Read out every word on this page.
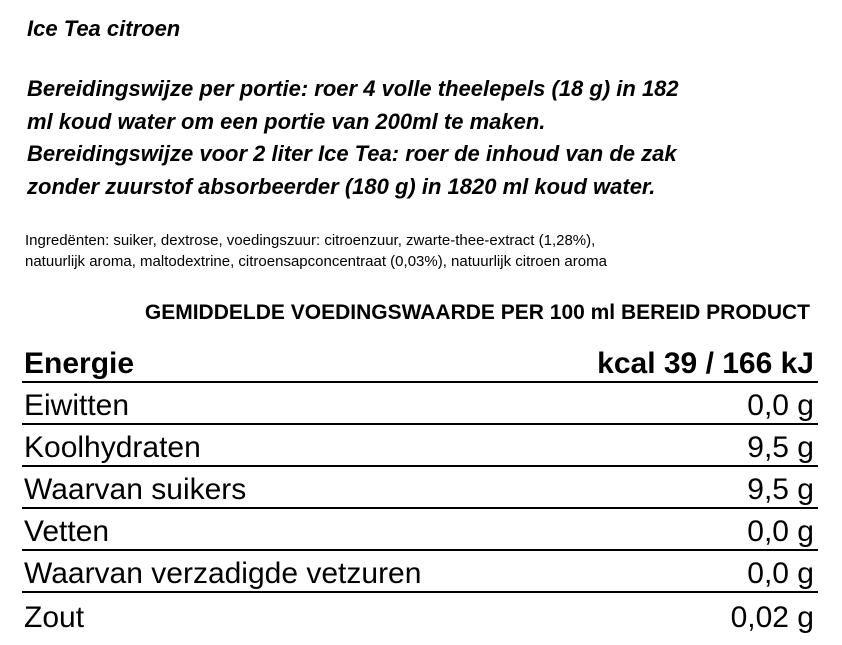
Ice Tea citroen
Bereidingswijze per portie: roer 4 volle theelepels (18 g) in 182
ml koud water om een portie van 200ml te maken.
Bereidingswijze voor 2 liter Ice Tea: roer de inhoud van de zak
zonder zuurstof absorbeerder (180 g) in 1820 ml koud water.
Ingredënten: suiker, dextrose, voedingszuur: citroenzuur, zwarte-thee-extract (1,28%),
natuurlijk aroma, maltodextrine, citroensapconcentraat (0,03%), natuurlijk citroen aroma
GEMIDDELDE VOEDINGSWAARDE PER 100 ml BEREID PRODUCT
Energie	kcal 39 / 166 kJ
Eiwitten	0,0 g
Koolhydraten	9,5 g
Waarvan suikers	9,5 g
Vetten	0,0 g
Waarvan verzadigde vetzuren	0,0 g
Zout	0,02 g
